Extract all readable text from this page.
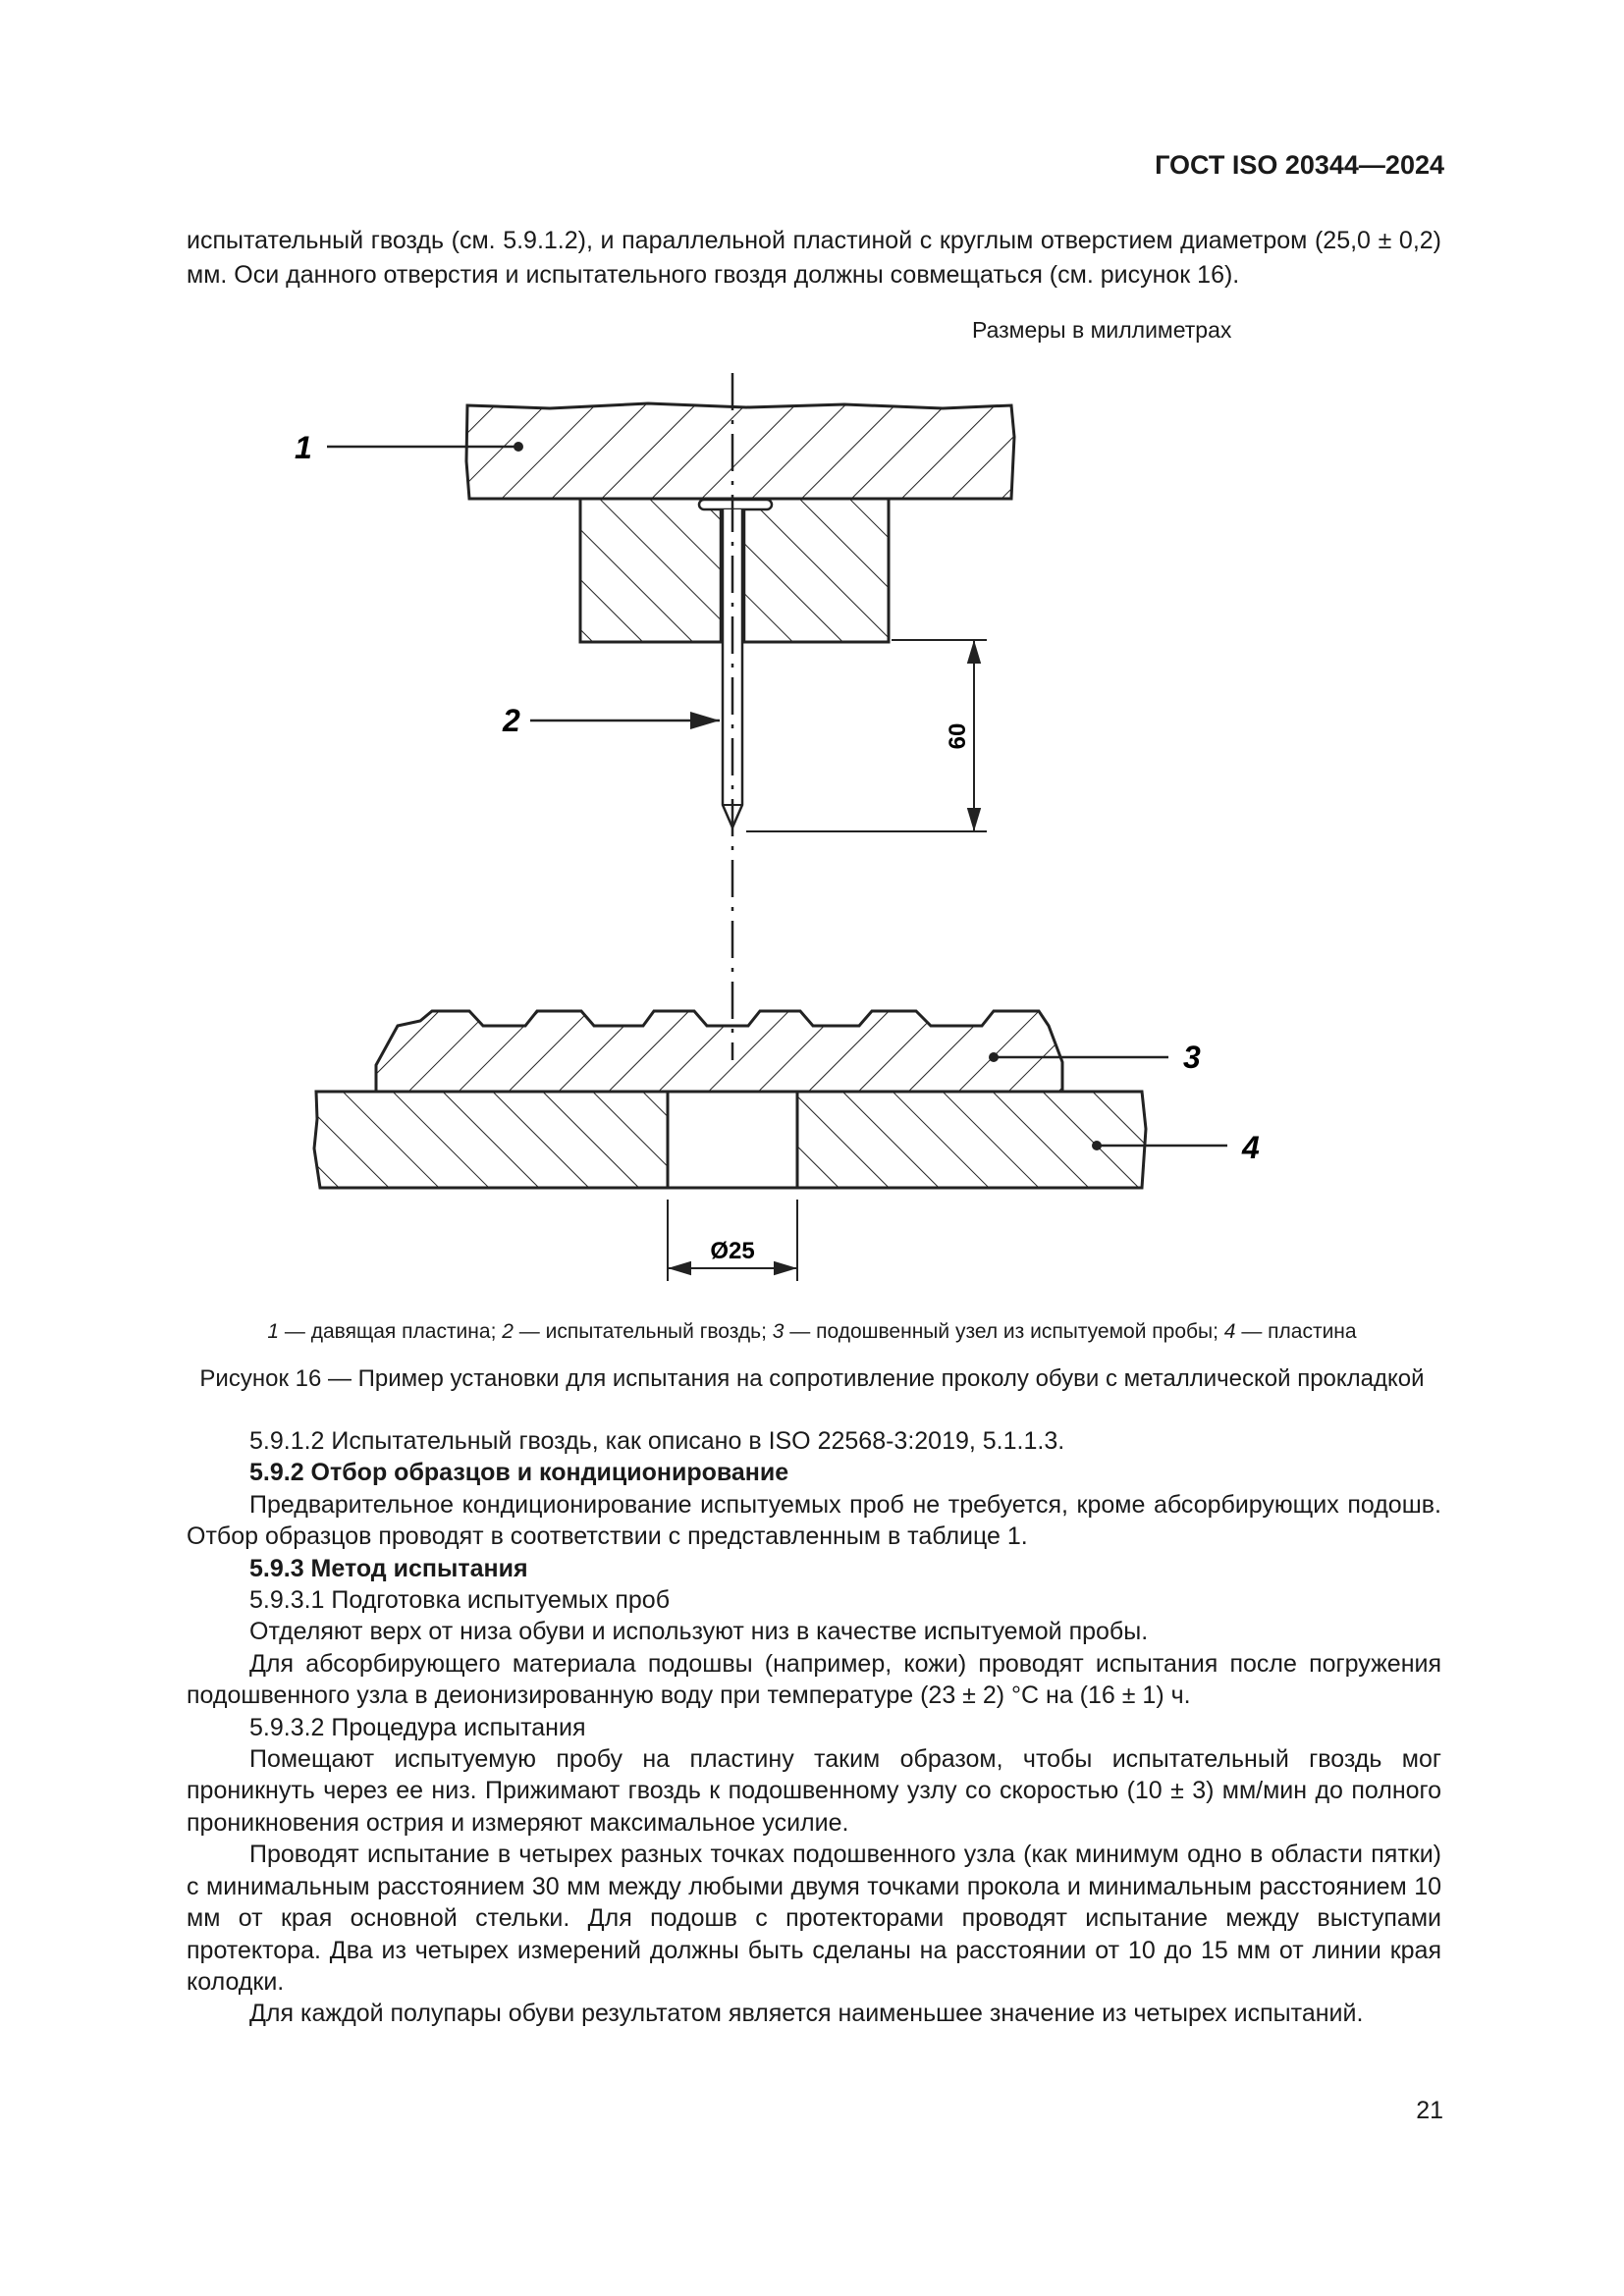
ГОСТ ISO 20344—2024
испытательный гвоздь (см. 5.9.1.2), и параллельной пластиной с круглым отверстием диаметром (25,0 ± 0,2) мм. Оси данного отверстия и испытательного гвоздя должны совмещаться (см. рисунок 16).
Размеры в миллиметрах
60
Ø25
1
2
3
4
1 — давящая пластина; 2 — испытательный гвоздь; 3 — подошвенный узел из испытуемой пробы; 4 — пластина
Рисунок 16 — Пример установки для испытания на сопротивление проколу обуви с металлической прокладкой

5.9.1.2 Испытательный гвоздь, как описано в ISO 22568-3:2019, 5.1.1.3.

5.9.2 Отбор образцов и кондиционирование

Предварительное кондиционирование испытуемых проб не требуется, кроме абсорбирующих подошв. Отбор образцов проводят в соответствии с представленным в таблице 1.

5.9.3 Метод испытания

5.9.3.1 Подготовка испытуемых проб

Отделяют верх от низа обуви и используют низ в качестве испытуемой пробы.

Для абсорбирующего материала подошвы (например, кожи) проводят испытания после погружения подошвенного узла в деионизированную воду при температуре (23 ± 2) °С на (16 ± 1) ч.

5.9.3.2 Процедура испытания

Помещают испытуемую пробу на пластину таким образом, чтобы испытательный гвоздь мог проникнуть через ее низ. Прижимают гвоздь к подошвенному узлу со скоростью (10 ± 3) мм/мин до полного проникновения острия и измеряют максимальное усилие.

Проводят испытание в четырех разных точках подошвенного узла (как минимум одно в области пятки) с минимальным расстоянием 30 мм между любыми двумя точками прокола и минимальным расстоянием 10 мм от края основной стельки. Для подошв с протекторами проводят испытание между выступами протектора. Два из четырех измерений должны быть сделаны на расстоянии от 10 до 15 мм от линии края колодки.

Для каждой полупары обуви результатом является наименьшее значение из четырех испытаний.

21
